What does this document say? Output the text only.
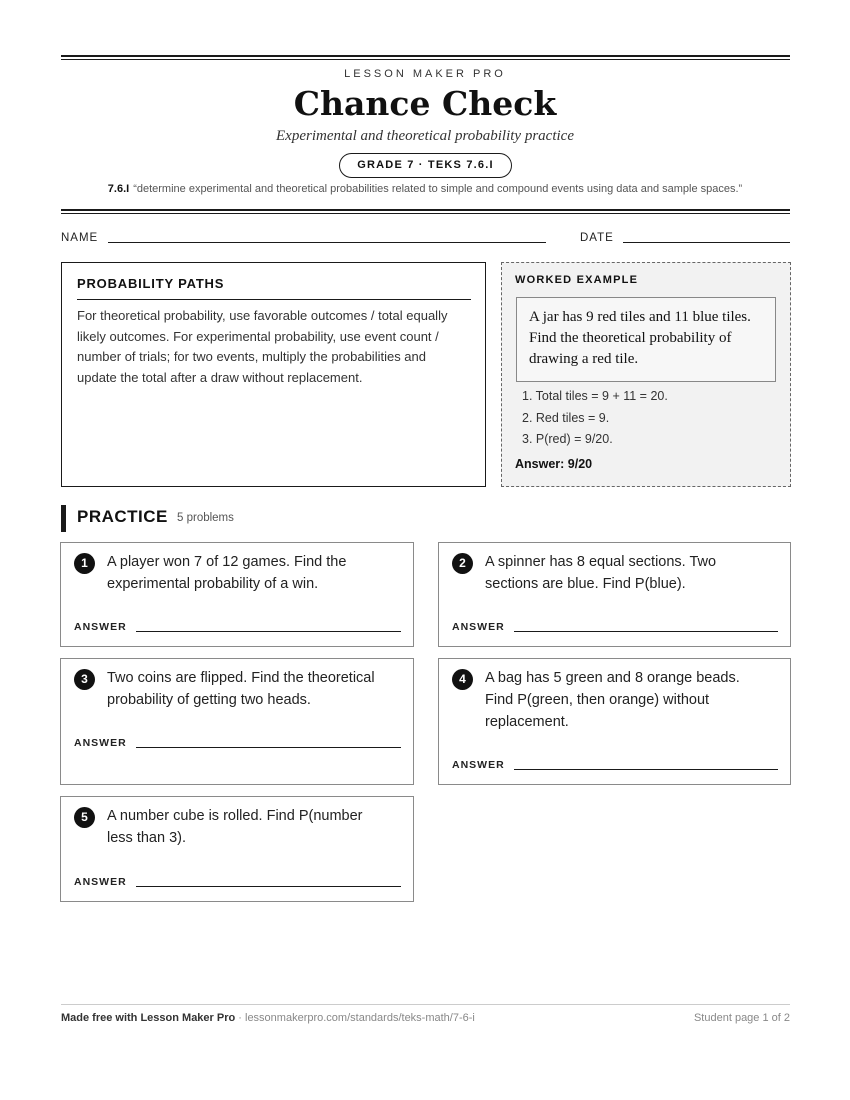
LESSON MAKER PRO
Chance Check
Experimental and theoretical probability practice
GRADE 7 · TEKS 7.6.I
7.6.I “determine experimental and theoretical probabilities related to simple and compound events using data and sample spaces.”
NAME	DATE
PROBABILITY PATHS
For theoretical probability, use favorable outcomes / total equally likely outcomes. For experimental probability, use event count / number of trials; for two events, multiply the probabilities and update the total after a draw without replacement.
WORKED EXAMPLE
A jar has 9 red tiles and 11 blue tiles. Find the theoretical probability of drawing a red tile.
1. Total tiles = 9 + 11 = 20.
2. Red tiles = 9.
3. P(red) = 9/20.
Answer: 9/20
PRACTICE 5 problems
1	A player won 7 of 12 games. Find the
experimental probability of a win.
ANSWER
2	A spinner has 8 equal sections. Two
sections are blue. Find P(blue).
ANSWER
3	Two coins are flipped. Find the theoretical
probability of getting two heads.
ANSWER
4	A bag has 5 green and 8 orange beads.
Find P(green, then orange) without
replacement.
ANSWER
5	A number cube is rolled. Find P(number
less than 3).
ANSWER
Made free with Lesson Maker Pro · lessonmakerpro.com/standards/teks-math/7-6-i	Student page 1 of 2
